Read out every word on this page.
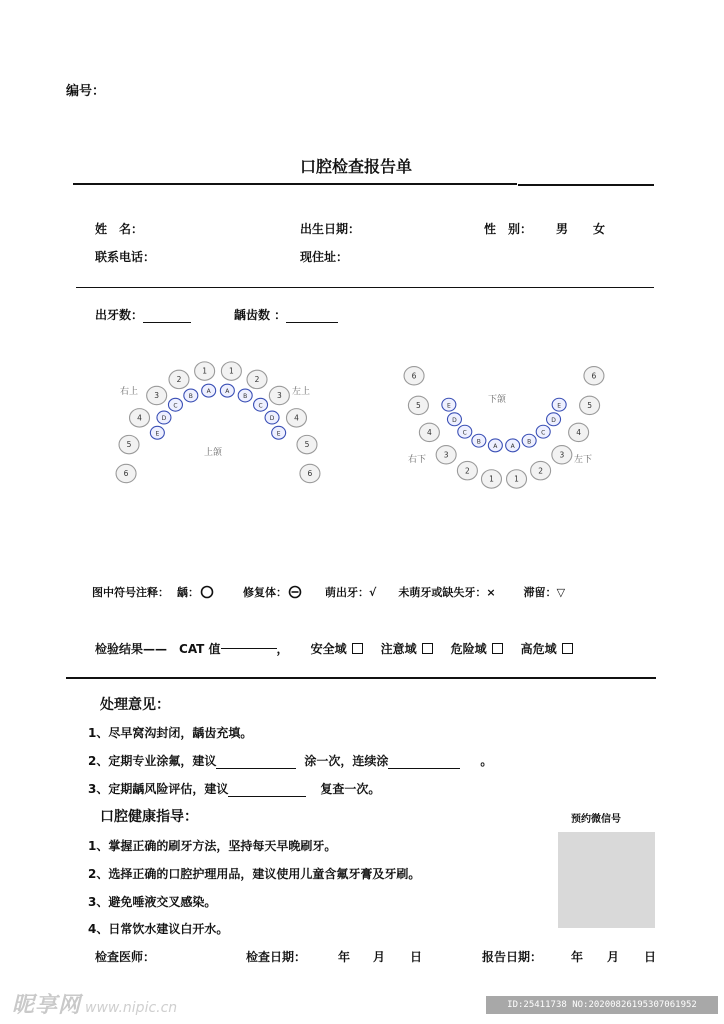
编号：
口腔检查报告单
姓　名：	出生日期：	性　别： 男 女
联系电话：	现住址：
出牙数：	龋齿数 ：
右上	左上
上颌
6
5
4
3
2
1	1
2
3
4
5
6
E
D
C
B
A A
B
C
D
E
下颌
右下	左下
6
5
4
3
2
1	1
2
3
4
5
6
E
D
C
B
A A
B
C
D
E
图中符号注释： 龋：	修复体：	萌出牙： √ 未萌牙或缺失牙： ×	滞留： ▽
检验结果—— CAT 值	， 安全域	注意域	危险域	高危域
处理意见：
1、尽早窝沟封闭，龋齿充填。
2、定期专业涂氟，建议	涂一次，连续涂	。
3、定期龋风险评估，建议	复查一次。
口腔健康指导：	预约微信号
1、掌握正确的刷牙方法，坚持每天早晚刷牙。
2、选择正确的口腔护理用品，建议使用儿童含氟牙膏及牙刷。
3、避免唾液交叉感染。
4、日常饮水建议白开水。
检查医师：	检查日期：	年 月 日	报告日期： 年 月 日
昵享网 www.nipic.cn	ID:25411738 NO:20200826195307061952
